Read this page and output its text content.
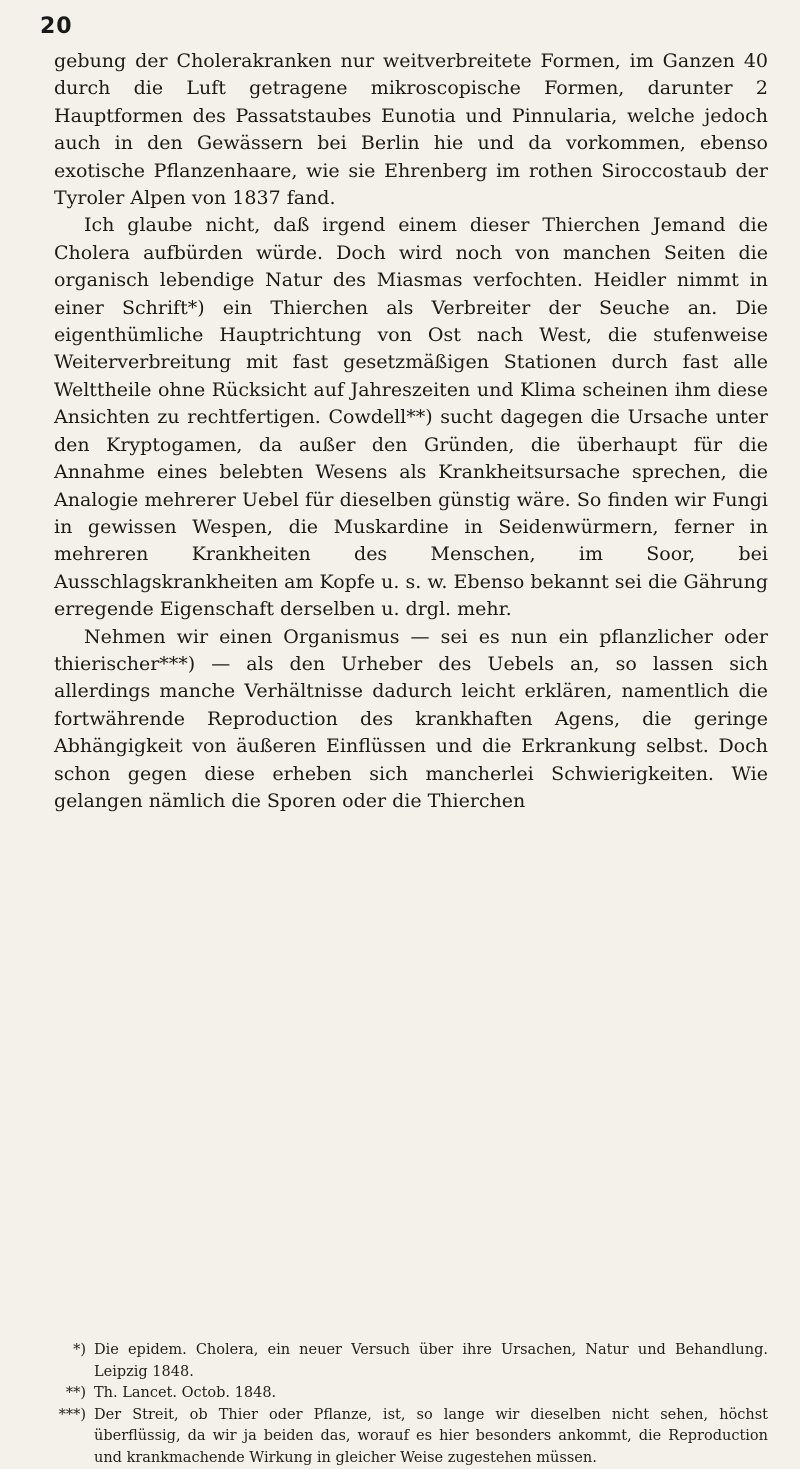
20

gebung der Cholerakranken nur weitverbreitete Formen, im Ganzen 40 durch die Luft getragene mikroscopische Formen, darunter 2 Hauptformen des Passatstaubes Eunotia und Pinnularia, welche jedoch auch in den Gewässern bei Berlin hie und da vorkommen, ebenso exotische Pflanzenhaare, wie sie Ehrenberg im rothen Siroccostaub der Tyroler Alpen von 1837 fand.

Ich glaube nicht, daß irgend einem dieser Thierchen Jemand die Cholera aufbürden würde. Doch wird noch von manchen Seiten die organisch lebendige Natur des Miasmas verfochten. Heidler nimmt in einer Schrift*) ein Thierchen als Verbreiter der Seuche an. Die eigenthümliche Hauptrichtung von Ost nach West, die stufenweise Weiterverbreitung mit fast gesetzmäßigen Stationen durch fast alle Welttheile ohne Rücksicht auf Jahreszeiten und Klima scheinen ihm diese Ansichten zu rechtfertigen. Cowdell**) sucht dagegen die Ursache unter den Kryptogamen, da außer den Gründen, die überhaupt für die Annahme eines belebten Wesens als Krankheitsursache sprechen, die Analogie mehrerer Uebel für dieselben günstig wäre. So finden wir Fungi in gewissen Wespen, die Muskardine in Seidenwürmern, ferner in mehreren Krankheiten des Menschen, im Soor, bei Ausschlagskrankheiten am Kopfe u. s. w. Ebenso bekannt sei die Gährung erregende Eigenschaft derselben u. drgl. mehr.

Nehmen wir einen Organismus — sei es nun ein pflanzlicher oder thierischer***) — als den Urheber des Uebels an, so lassen sich allerdings manche Verhältnisse dadurch leicht erklären, namentlich die fortwährende Reproduction des krankhaften Agens, die geringe Abhängigkeit von äußeren Einflüssen und die Erkrankung selbst. Doch schon gegen diese erheben sich mancherlei Schwierigkeiten. Wie gelangen nämlich die Sporen oder die Thierchen

*) Die epidem. Cholera, ein neuer Versuch über ihre Ursachen, Natur und Behandlung. Leipzig 1848.
**) Th. Lancet. Octob. 1848.
***) Der Streit, ob Thier oder Pflanze, ist, so lange wir dieselben nicht sehen, höchst überflüssig, da wir ja beiden das, worauf es hier besonders ankommt, die Reproduction und krankmachende Wirkung in gleicher Weise zugestehen müssen.
